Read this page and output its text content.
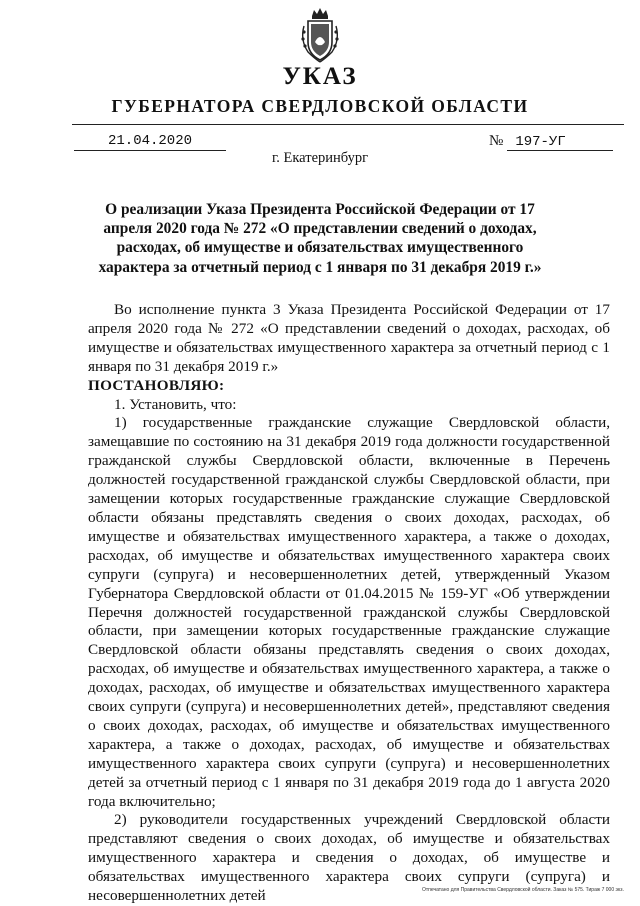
УКАЗ
ГУБЕРНАТОРА СВЕРДЛОВСКОЙ ОБЛАСТИ
21.04.2020	№ 197-УГ
г. Екатеринбург
О реализации Указа Президента Российской Федерации от 17 апреля 2020 года № 272 «О представлении сведений о доходах, расходах, об имуществе и обязательствах имущественного характера за отчетный период с 1 января по 31 декабря 2019 г.»

Во исполнение пункта 3 Указа Президента Российской Федерации от 17 апреля 2020 года № 272 «О представлении сведений о доходах, расходах, об имуществе и обязательствах имущественного характера за отчетный период с 1 января по 31 декабря 2019 г.»

ПОСТАНОВЛЯЮ:

1. Установить, что:

1) государственные гражданские служащие Свердловской области, замещавшие по состоянию на 31 декабря 2019 года должности государственной гражданской службы Свердловской области, включенные в Перечень должностей государственной гражданской службы Свердловской области, при замещении которых государственные гражданские служащие Свердловской области обязаны представлять сведения о своих доходах, расходах, об имуществе и обязательствах имущественного характера, а также о доходах, расходах, об имуществе и обязательствах имущественного характера своих супруги (супруга) и несовершеннолетних детей, утвержденный Указом Губернатора Свердловской области от 01.04.2015 № 159-УГ «Об утверждении Перечня должностей государственной гражданской службы Свердловской области, при замещении которых государственные гражданские служащие Свердловской области обязаны представлять сведения о своих доходах, расходах, об имуществе и обязательствах имущественного характера, а также о доходах, расходах, об имуществе и обязательствах имущественного характера своих супруги (супруга) и несовершеннолетних детей», представляют сведения о своих доходах, расходах, об имуществе и обязательствах имущественного характера, а также о доходах, расходах, об имуществе и обязательствах имущественного характера своих супруги (супруга) и несовершеннолетних детей за отчетный период с 1 января по 31 декабря 2019 года до 1 августа 2020 года включительно;

2) руководители государственных учреждений Свердловской области представляют сведения о своих доходах, об имуществе и обязательствах имущественного характера и сведения о доходах, об имуществе и обязательствах имущественного характера своих супруги (супруга) и несовершеннолетних детей	Отпечатано для Правительства Свердловской области. Заказ № 575. Тираж 7 000 экз.
